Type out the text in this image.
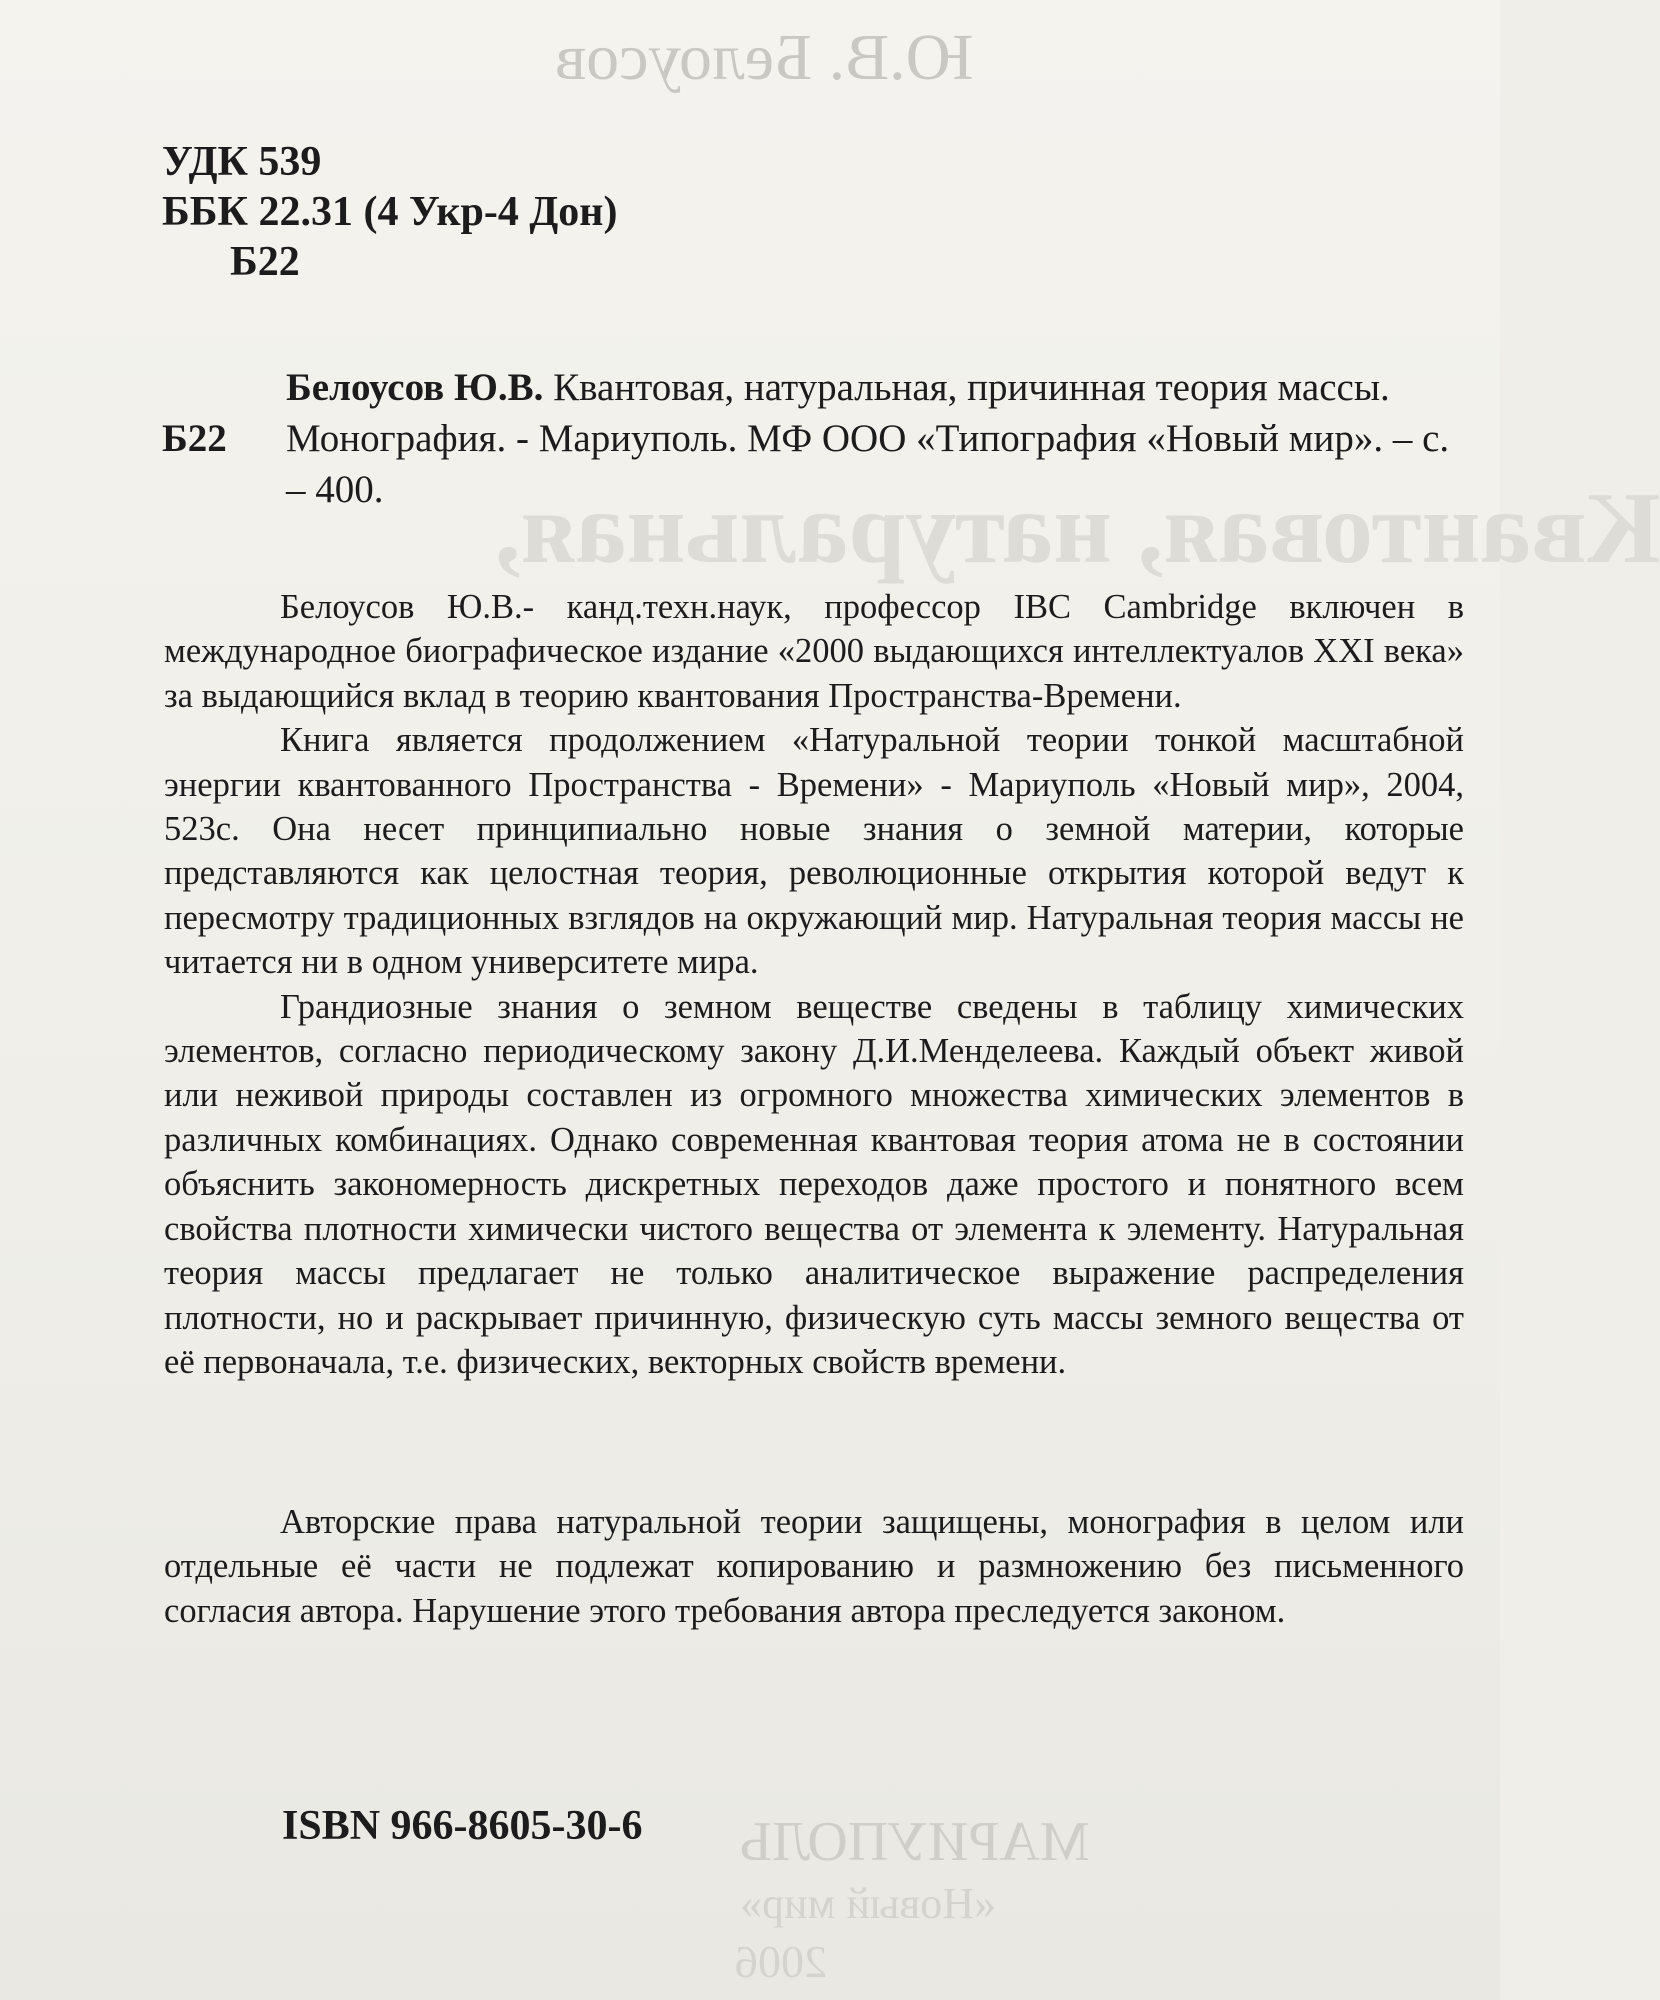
Ю.В. Белоусов
Квантовая, натуральная,
МАРИУПОЛЬ
«Новый мир»
2006
УДК 539
ББК 22.31 (4 Укр-4 Дон)
Б22
Б22
Белоусов Ю.В. Квантовая, натуральная, причинная теория массы. Монография. - Мариуполь. МФ ООО «Типография «Новый мир». – с. – 400.

Белоусов Ю.В.- канд.техн.наук, профессор IBC Cambridge включен в международное биографическое издание «2000 выдающихся интеллектуалов XXI века» за выдающийся вклад в теорию квантования Пространства-Времени.

Книга является продолжением «Натуральной теории тонкой масштабной энергии квантованного Пространства - Времени» - Мариуполь «Новый мир», 2004, 523с. Она несет принципиально новые знания о земной материи, которые представляются как целостная теория, революционные открытия которой ведут к пересмотру традиционных взглядов на окружающий мир. Натуральная теория массы не читается ни в одном университете мира.

Грандиозные знания о земном веществе сведены в таблицу химических элементов, согласно периодическому закону Д.И.Менделеева. Каждый объект живой или неживой природы составлен из огромного множества химических элементов в различных комбинациях. Однако современная квантовая теория атома не в состоянии объяснить закономерность дискретных переходов даже простого и понятного всем свойства плотности химически чистого вещества от элемента к элементу. Натуральная теория массы предлагает не только аналитическое выражение распределения плотности, но и раскрывает причинную, физическую суть массы земного вещества от её первоначала, т.е. физических, векторных свойств времени.

Авторские права натуральной теории защищены, монография в целом или отдельные её части не подлежат копированию и размножению без письменного согласия автора. Нарушение этого требования автора преследуется законом.

ISBN 966-8605-30-6
